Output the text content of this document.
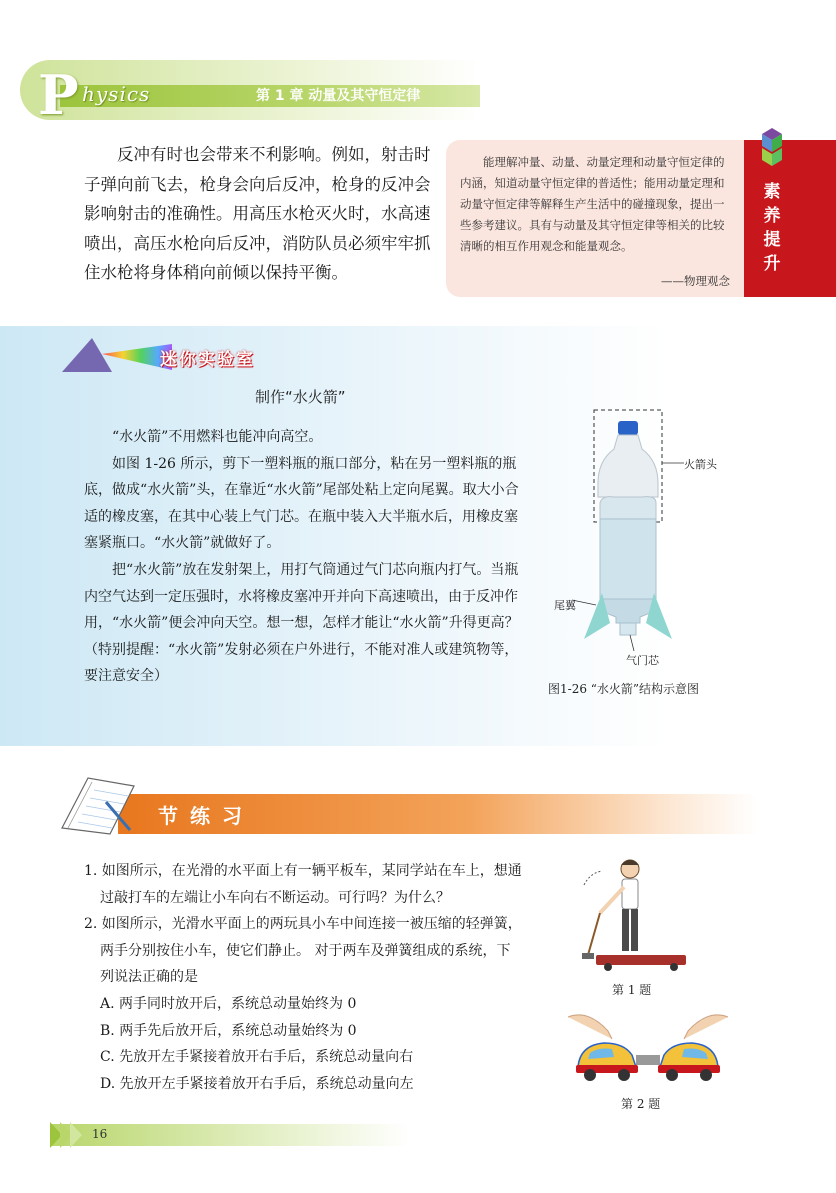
P hysics	第 1 章 动量及其守恒定律

反冲有时也会带来不利影响。例如，射击时子弹向前飞去，枪身会向后反冲，枪身的反冲会影响射击的准确性。用高压水枪灭火时，水高速喷出，高压水枪向后反冲，消防队员必须牢牢抓住水枪将身体稍向前倾以保持平衡。

能理解冲量、动量、动量定理和动量守恒定律的内涵，知道动量守恒定律的普适性；能用动量定理和动量守恒定律等解释生产生活中的碰撞现象，提出一些参考建议。具有与动量及其守恒定律等相关的比较清晰的相互作用观念和能量观念。

——物理观念
素
养
提
升
迷你实验室
制作“水火箭”

“水火箭”不用燃料也能冲向高空。

如图 1-26 所示，剪下一塑料瓶的瓶口部分，粘在另一塑料瓶的瓶底，做成“水火箭”头，在靠近“水火箭”尾部处粘上定向尾翼。取大小合适的橡皮塞，在其中心装上气门芯。在瓶中装入大半瓶水后，用橡皮塞塞紧瓶口。“水火箭”就做好了。

把“水火箭”放在发射架上，用打气筒通过气门芯向瓶内打气。当瓶内空气达到一定压强时，水将橡皮塞冲开并向下高速喷出，由于反冲作用，“水火箭”便会冲向天空。想一想，怎样才能让“水火箭”升得更高？（特别提醒：“水火箭”发射必须在户外进行，不能对准人或建筑物等，要注意安全）

火箭头
尾翼
气门芯
图1-26 “水火箭”结构示意图
节练习

1. 如图所示，在光滑的水平面上有一辆平板车，某同学站在车上，想通过敲打车的左端让小车向右不断运动。可行吗？为什么？

2. 如图所示，光滑水平面上的两玩具小车中间连接一被压缩的轻弹簧，两手分别按住小车，使它们静止。 对于两车及弹簧组成的系统，下列说法正确的是

A. 两手同时放开后，系统总动量始终为 0

B. 两手先后放开后，系统总动量始终为 0

C. 先放开左手紧接着放开右手后，系统总动量向右

D. 先放开左手紧接着放开右手后，系统总动量向左

第 1 题
第 2 题
16
